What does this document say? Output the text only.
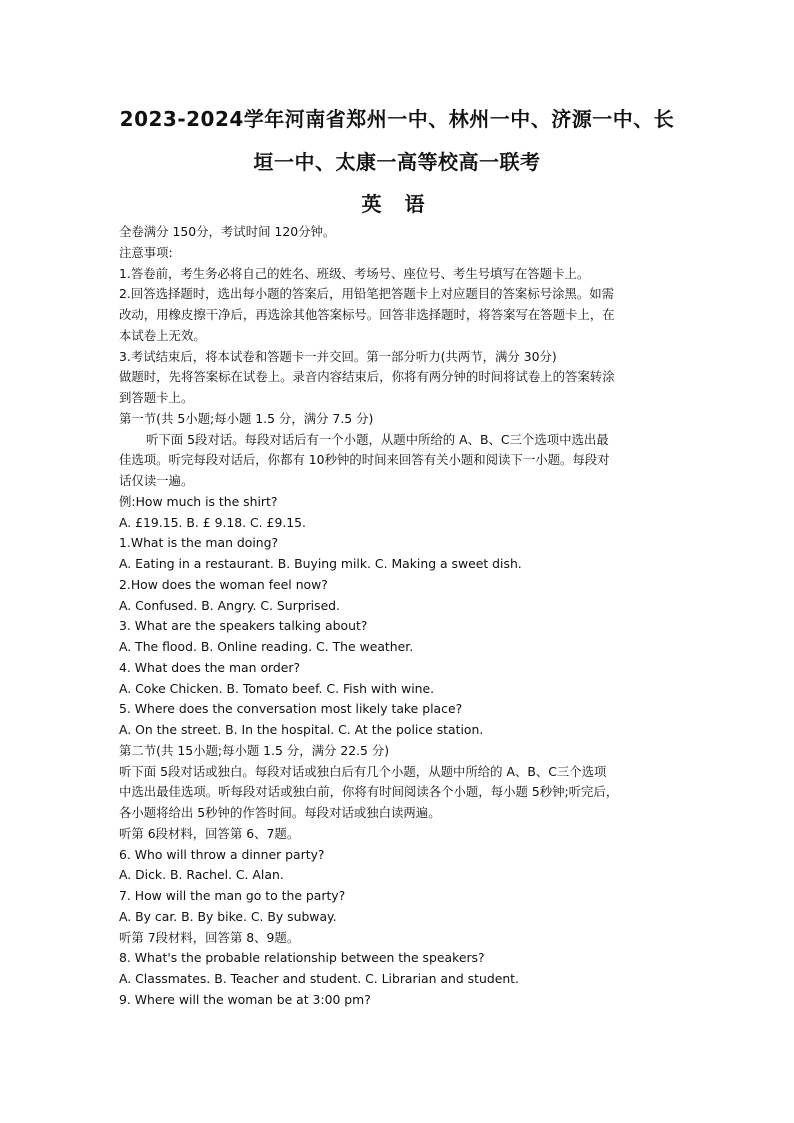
2023-2024学年河南省郑州一中、林州一中、济源一中、长
垣一中、太康一高等校高一联考
英 语
全卷满分 150分，考试时间 120分钟。
注意事项:
1.答卷前，考生务必将自己的姓名、班级、考场号、座位号、考生号填写在答题卡上。
2.回答选择题时，选出每小题的答案后，用铅笔把答题卡上对应题目的答案标号涂黑。如需
改动，用橡皮擦干净后，再选涂其他答案标号。回答非选择题时，将答案写在答题卡上，在
本试卷上无效。
3.考试结束后，将本试卷和答题卡一并交回。第一部分听力(共两节，满分 30分)
做题时，先将答案标在试卷上。录音内容结束后，你将有两分钟的时间将试卷上的答案转涂
到答题卡上。
第一节(共 5小题;每小题 1.5 分，满分 7.5 分)
听下面 5段对话。每段对话后有一个小题，从题中所给的 A、B、C三个选项中选出最
佳选项。听完每段对话后，你都有 10秒钟的时间来回答有关小题和阅读下一小题。每段对
话仅读一遍。
例:How much is the shirt?
A. £19.15. B. £ 9.18. C. £9.15.
1.What is the man doing?
A. Eating in a restaurant. B. Buying milk. C. Making a sweet dish.
2.How does the woman feel now?
A. Confused. B. Angry. C. Surprised.
3. What are the speakers talking about?
A. The flood. B. Online reading. C. The weather.
4. What does the man order?
A. Coke Chicken. B. Tomato beef. C. Fish with wine.
5. Where does the conversation most likely take place?
A. On the street. B. In the hospital. C. At the police station.
第二节(共 15小题;每小题 1.5 分，满分 22.5 分)
听下面 5段对话或独白。每段对话或独白后有几个小题，从题中所给的 A、B、C三个选项
中选出最佳选项。听每段对话或独白前，你将有时间阅读各个小题，每小题 5秒钟;听完后，
各小题将给出 5秒钟的作答时间。每段对话或独白读两遍。
听第 6段材料，回答第 6、7题。
6. Who will throw a dinner party?
A. Dick. B. Rachel. C. Alan.
7. How will the man go to the party?
A. By car. B. By bike. C. By subway.
听第 7段材料，回答第 8、9题。
8. What's the probable relationship between the speakers?
A. Classmates. B. Teacher and student. C. Librarian and student.
9. Where will the woman be at 3:00 pm?
